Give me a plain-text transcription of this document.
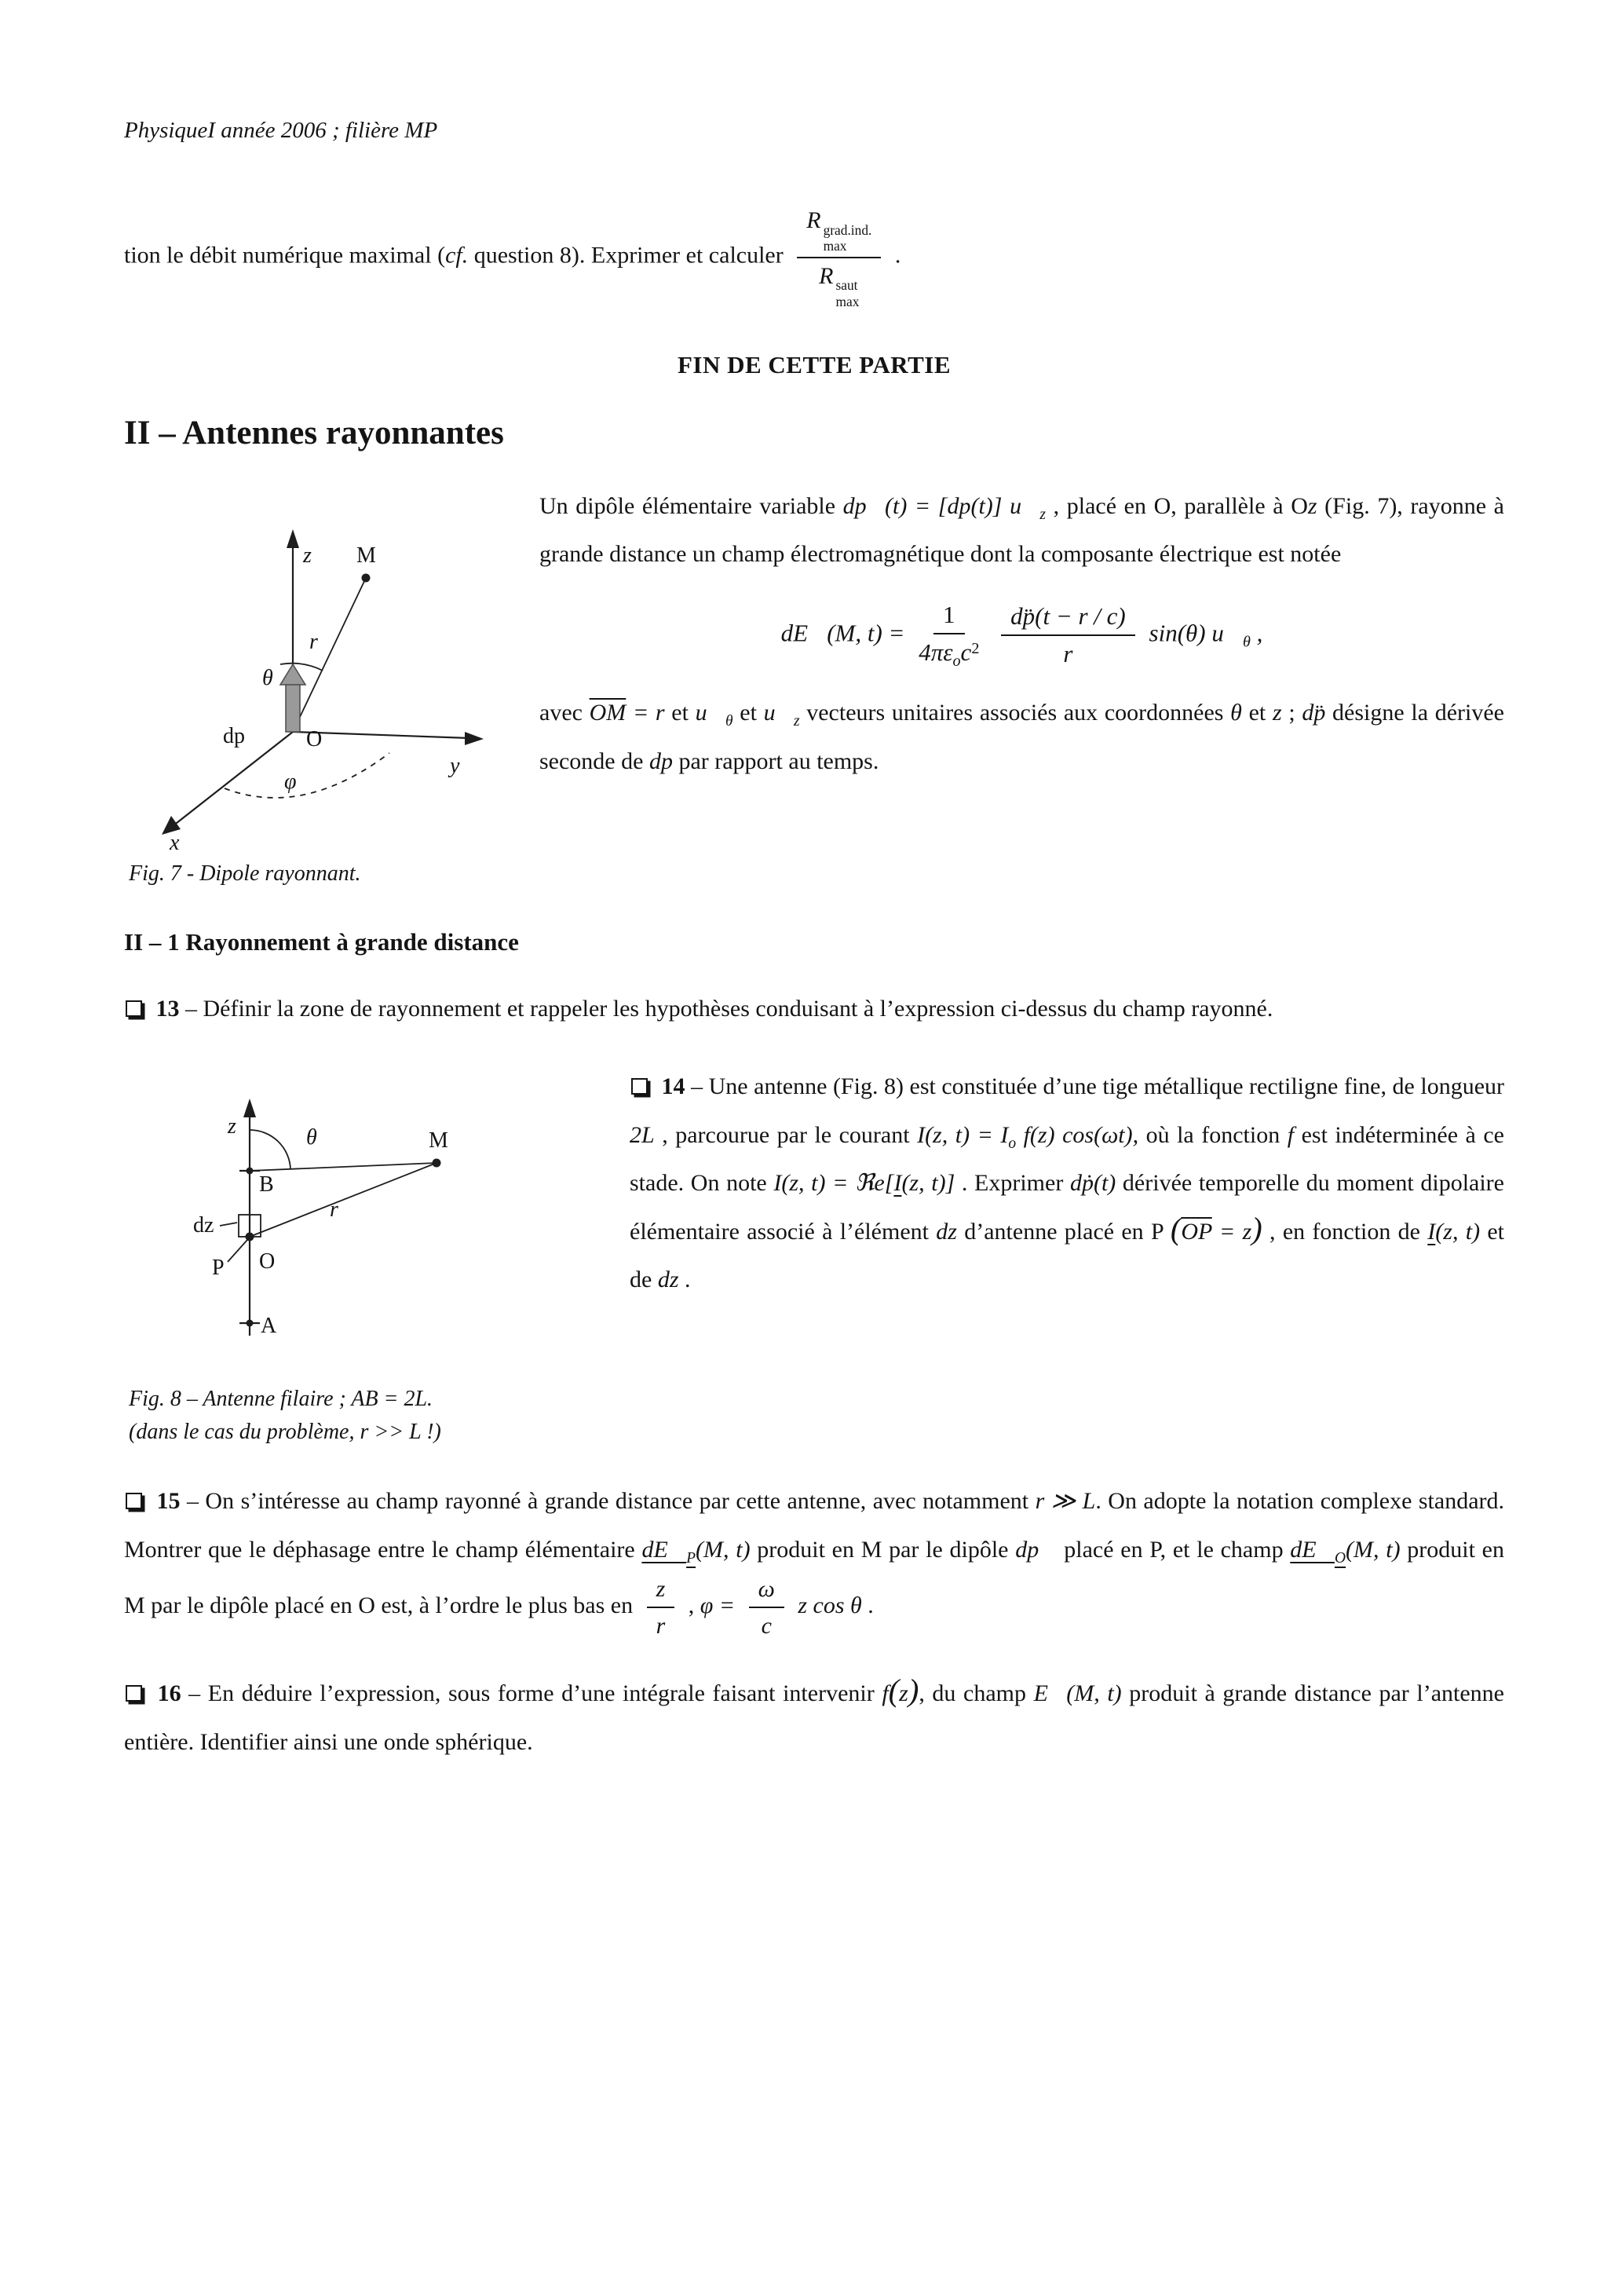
PhysiqueI année 2006 ; filière MP

tion le débit numérique maximal (cf. question 8). Exprimer et calculer R grad.ind.
max
R saut
max .

FIN DE CETTE PARTIE

II – Antennes rayonnantes
z
y
x
M
r
θ
dp	O
φ
Fig. 7 - Dipole rayonnant.

Un dipôle élémentaire variable dp⃗(t) = [dp(t)] $u⃗_z$ , placé en O, parallèle à Oz (Fig. 7), rayonne à grande distance un champ électromagnétique dont la composante électrique est notée

dE⃗(M, $t) = \frac{1}{4\pi\varepsilon_oc^2}$
$\frac{dp̈(t - r / c)}{r} \sin(\theta)$ $u⃗_\theta$ ,

avec $\overline{OM} = r$ et $u⃗_\theta$ et $u⃗_z$ vecteurs unitaires associés aux coordonnées θ et z ; dp̈ désigne la dérivée seconde de dp par rapport au temps.

II – 1 Rayonnement à grande distance

13 – Définir la zone de rayonnement et rappeler les hypothèses conduisant à l’expression ci-dessus du champ rayonné.

z
B
M
θ
dz
r
P O
A
Fig. 8 – Antenne filaire ; AB = 2L.
(dans le cas du problème, r >> L !)

14 – Une antenne (Fig. 8) est constituée d’une tige métallique rectiligne fine, de longueur 2L , parcourue par le courant I(z, $t) = I_o$ f(z) cos(ωt), où la fonction f est indéterminée à ce stade. On note I(z, t) = ℜe[I(z, t)] . Exprimer dṗ(t) dérivée temporelle du moment dipolaire élémentaire associé à l’élément dz d’antenne placé en P $(\overline{OP} = z)$ , en fonction de I(z, t) et de dz .

15 – On s’intéresse au champ rayonné à grande distance par cette antenne, avec notamment r ≫ L. On adopte la notation complexe standard. Montrer que le déphasage entre le champ élémentaire $dE⃗_P(M$, t) produit en M par le dipôle dp⃗ placé en P, et le champ $dE⃗_O(M$, t) produit en M par le dipôle placé en O est, à l’ordre le plus bas en $\frac{z}{r}$ , $\varphi = \frac{\omega}{c}$ z cos θ .

16 – En déduire l’expression, sous forme d’une intégrale faisant intervenir f(z), du champ E⃗(M, t) produit à grande distance par l’antenne entière. Identifier ainsi une onde sphérique.
